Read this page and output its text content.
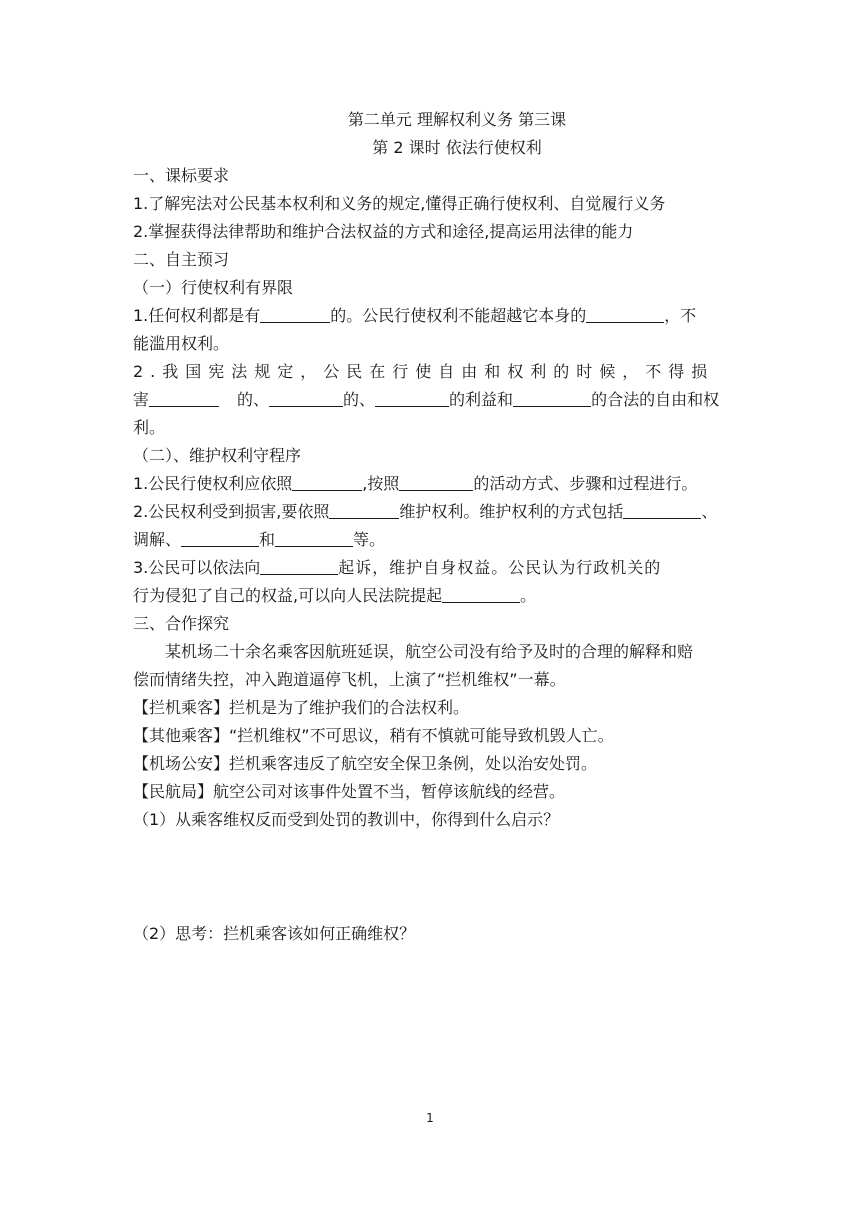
第二单元 理解权利义务 第三课

第 2 课时 依法行使权利

一、课标要求

1.了解宪法对公民基本权利和义务的规定,懂得正确行使权利、自觉履行义务

2.掌握获得法律帮助和维护合法权益的方式和途径,提高运用法律的能力

二、自主预习

（一）行使权利有界限

1.任何权利都是有	的。公民行使权利不能超越它本身的	，不

能滥用权利。

2.我国宪法规定，公民在行使自由和权利的时候，不得损

害	的、	的、	的利益和	的合法的自由和权

利。

（二）、维护权利守程序

1.公民行使权利应依照	,按照	的活动方式、步骤和过程进行。

2.公民权利受到损害,要依照	维护权利。维护权利的方式包括	、

调解、	和	等。

3.公民可以依法向	起诉，维护自身权益。公民认为行政机关的

行为侵犯了自己的权益,可以向人民法院提起	。

三、合作探究

某机场二十余名乘客因航班延误，航空公司没有给予及时的合理的解释和赔

偿而情绪失控，冲入跑道逼停飞机，上演了“拦机维权”一幕。

【拦机乘客】拦机是为了维护我们的合法权利。

【其他乘客】“拦机维权”不可思议，稍有不慎就可能导致机毁人亡。

【机场公安】拦机乘客违反了航空安全保卫条例，处以治安处罚。

【民航局】航空公司对该事件处置不当，暂停该航线的经营。

（1）从乘客维权反而受到处罚的教训中，你得到什么启示？

（2）思考：拦机乘客该如何正确维权？

1
